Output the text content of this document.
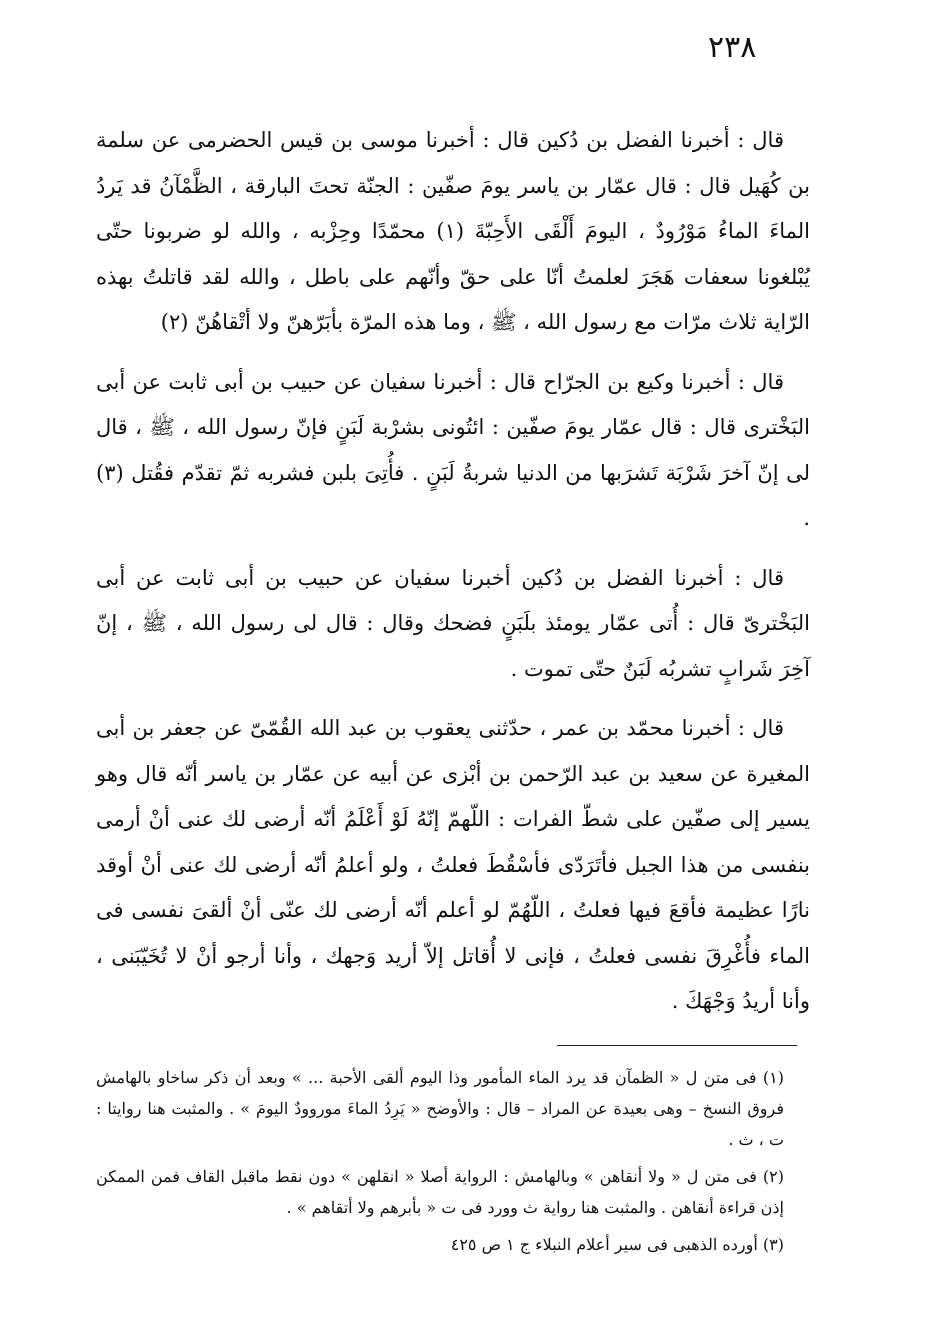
٢٣٨

قال : أخبرنا الفضل بن دُكين قال : أخبرنا موسى بن قيس الحضرمى عن سلمة بن كُهَيل قال : قال عمّار بن ياسر يومَ صفّين : الجنّة تحتَ البارقة ، الظَّمْآنُ قد يَردُ الماءَ الماءُ مَوْرُودٌ ، اليومَ أَلْقَى الأَحِبّةَ (١) محمّدًا وحِزْبه ، والله لو ضربونا حتّى يُبْلغونا سعفات هَجَرَ لعلمتُ أنّا على حقّ وأنّهم على باطل ، والله لقد قاتلتُ بهذه الرّاية ثلاث مرّات مع رسول الله ، ﷺ ، وما هذه المرّة بأبَرّهنّ ولا أتْقاهُنّ (٢)

قال : أخبرنا وكيع بن الجرّاح قال : أخبرنا سفيان عن حبيب بن أبى ثابت عن أبى البَخْترى قال : قال عمّار يومَ صفّين : ائتُونى بشرْبة لَبَنٍ فإنّ رسول الله ، ﷺ ، قال لى إنّ آخرَ شَرْبَة تَشرَبها من الدنيا شربةُ لَبَنٍ . فأُتِىَ بلبن فشربه ثمّ تقدّم فقُتل (٣) .

قال : أخبرنا الفضل بن دُكين أخبرنا سفيان عن حبيب بن أبى ثابت عن أبى البَخْترىّ قال : أُتى عمّار يومئذ بلَبَنٍ فضحك وقال : قال لى رسول الله ، ﷺ ، إنّ آخِرَ شَرابٍ تشربُه لَبَنٌ حتّى تموت .

قال : أخبرنا محمّد بن عمر ، حدّثنى يعقوب بن عبد الله القُمّىّ عن جعفر بن أبى المغيرة عن سعيد بن عبد الرّحمن بن أبْزى عن أبيه عن عمّار بن ياسر أنّه قال وهو يسير إلى صفّين على شطّ الفرات : اللّهمّ إنّهُ لَوْ أَعْلَمُ أنّه أرضى لك عنى أنْ أرمى بنفسى من هذا الجبل فأتَرَدّى فأسْقُطَ فعلتُ ، ولو أعلمُ أنّه أرضى لك عنى أنْ أوقد نارًا عظيمة فأقعَ فيها فعلتُ ، اللّهُمّ لو أعلم أنّه أرضى لك عنّى أنْ ألقىَ نفسى فى الماء فأُغْرِقَ نفسى فعلتُ ، فإنى لا أُقاتل إلاّ أريد وَجهك ، وأنا أرجو أنْ لا تُخَيّبَنى ، وأنا أريدُ وَجْهَكَ .

(١) فى متن ل « الظمآن قد يرد الماء المأمور وذا اليوم ألقى الأحبة ... » وبعد أن ذكر ساخاو بالهامش فروق النسخ – وهى بعيدة عن المراد – قال : والأوضح « يَرِدُ الماءَ موروودٌ اليومَ » . والمثبت هنا روايتا : ت ، ث .

(٢) فى متن ل « ولا أنقاهن » وبالهامش : الرواية أصلا « انقلهن » دون نقط ماقبل القاف فمن الممكن إذن قراءة أنقاهن . والمثبت هنا رواية ث وورد فى ت « بأبرهم ولا أتقاهم » .

(٣) أورده الذهبى فى سير أعلام النبلاء ج ١ ص ٤٢٥
